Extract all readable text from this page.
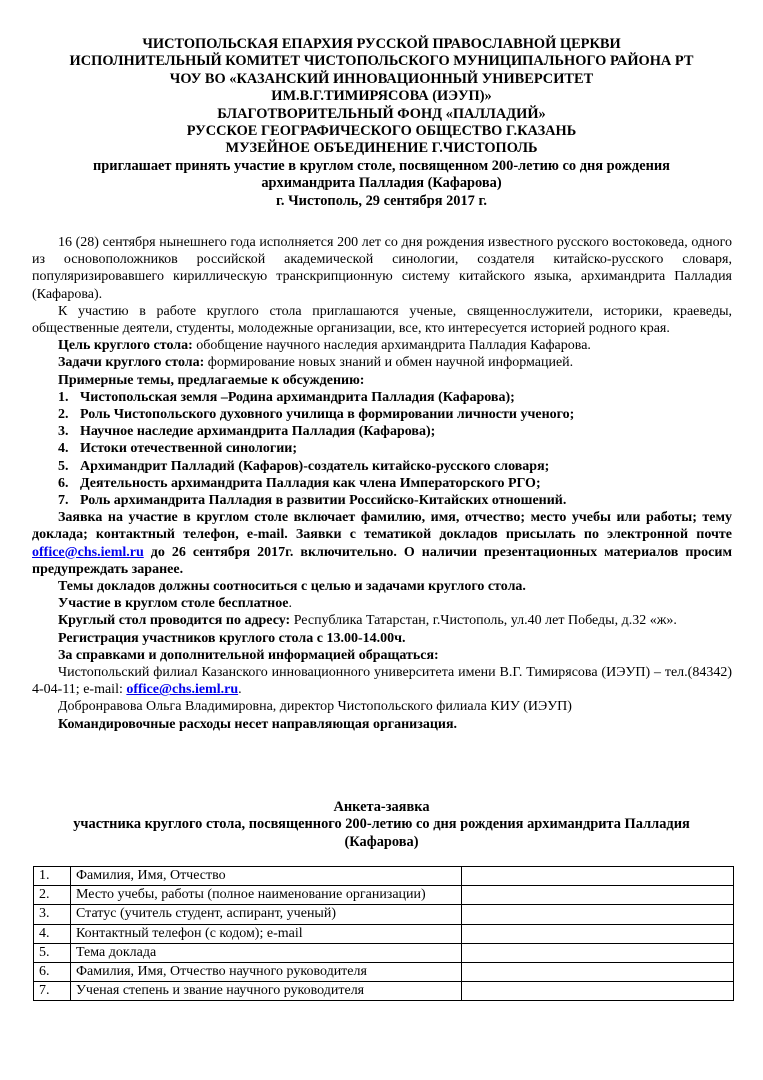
ЧИСТОПОЛЬСКАЯ ЕПАРХИЯ РУССКОЙ ПРАВОСЛАВНОЙ ЦЕРКВИ
ИСПОЛНИТЕЛЬНЫЙ КОМИТЕТ ЧИСТОПОЛЬСКОГО МУНИЦИПАЛЬНОГО РАЙОНА РТ
ЧОУ ВО «КАЗАНСКИЙ ИННОВАЦИОННЫЙ УНИВЕРСИТЕТ
ИМ.В.Г.ТИМИРЯСОВА (ИЭУП)»
БЛАГОТВОРИТЕЛЬНЫЙ ФОНД «ПАЛЛАДИЙ»
РУССКОЕ ГЕОГРАФИЧЕСКОГО ОБЩЕСТВО Г.КАЗАНЬ
МУЗЕЙНОЕ ОБЪЕДИНЕНИЕ Г.ЧИСТОПОЛЬ
приглашает принять участие в круглом столе, посвященном 200-летию со дня рождения
архимандрита Палладия (Кафарова)
г. Чистополь, 29 сентября 2017 г.

16 (28) сентября нынешнего года исполняется 200 лет со дня рождения известного русского востоковеда, одного из основоположников российской академической синологии, создателя китайско-русского словаря, популяризировавшего кириллическую транскрипционную систему китайского языка, архимандрита Палладия (Кафарова).

К участию в работе круглого стола приглашаются ученые, священнослужители, историки, краеведы, общественные деятели, студенты, молодежные организации, все, кто интересуется историей родного края.

Цель круглого стола: обобщение научного наследия архимандрита Палладия Кафарова.

Задачи круглого стола: формирование новых знаний и обмен научной информацией.

Примерные темы, предлагаемые к обсуждению:

1. Чистопольская земля –Родина архимандрита Палладия (Кафарова);
2. Роль Чистопольского духовного училища в формировании личности ученого;
3. Научное наследие архимандрита Палладия (Кафарова);
4. Истоки отечественной синологии;
5. Архимандрит Палладий (Кафаров)-создатель китайско-русского словаря;
6. Деятельность архимандрита Палладия как члена Императорского РГО;
7. Роль архимандрита Палладия в развитии Российско-Китайских отношений.

Заявка на участие в круглом столе включает фамилию, имя, отчество; место учебы или работы; тему доклада; контактный телефон, e-mail. Заявки с тематикой докладов присылать по электронной почте office@chs.ieml.ru до 26 сентября 2017г. включительно. О наличии презентационных материалов просим предупреждать заранее.

Темы докладов должны соотноситься с целью и задачами круглого стола.

Участие в круглом столе бесплатное.

Круглый стол проводится по адресу: Республика Татарстан, г.Чистополь, ул.40 лет Победы, д.32 «ж».

Регистрация участников круглого стола с 13.00-14.00ч.

За справками и дополнительной информацией обращаться:

Чистопольский филиал Казанского инновационного университета имени В.Г. Тимирясова (ИЭУП) – тел.(84342) 4-04-11; e-mail: office@chs.ieml.ru.

Добронравова Ольга Владимировна, директор Чистопольского филиала КИУ (ИЭУП)

Командировочные расходы несет направляющая организация.

Анкета-заявка
участника круглого стола, посвященного 200-летию со дня рождения архимандрита Палладия
(Кафарова)
1.	Фамилия, Имя, Отчество	
2.	Место учебы, работы (полное наименование организации)	
3.	Статус (учитель студент, аспирант, ученый)	
4.	Контактный телефон (с кодом); e-mail	
5.	Тема доклада	
6.	Фамилия, Имя, Отчество научного руководителя	
7.	Ученая степень и звание научного руководителя	
